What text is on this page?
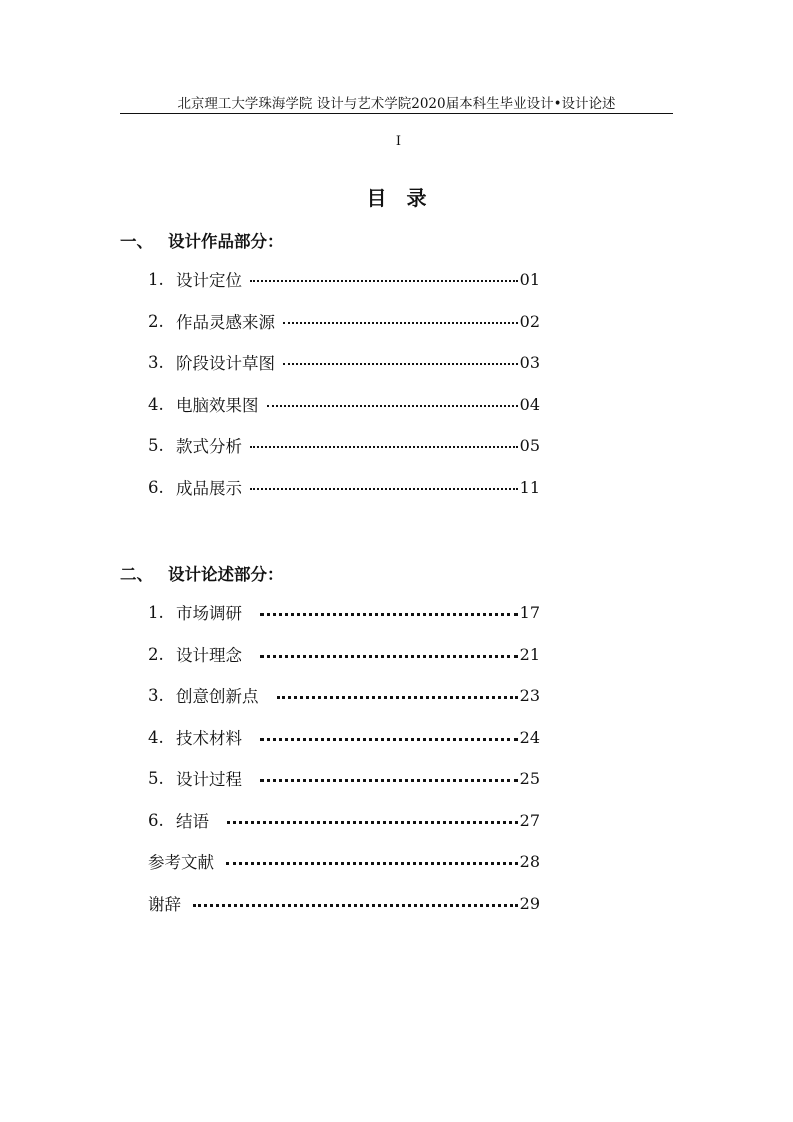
北京理工大学珠海学院 设计与艺术学院2020届本科生毕业设计•设计论述
I
目　录
一、 设计作品部分：
1. 设计定位	01
2. 作品灵感来源	02
3. 阶段设计草图	03
4. 电脑效果图	04
5. 款式分析	05
6. 成品展示	11
二、 设计论述部分：
1. 市场调研	17
2. 设计理念	21
3. 创意创新点	23
4. 技术材料	24
5. 设计过程	25
6. 结语	27
参考文献	28
谢辞	29
